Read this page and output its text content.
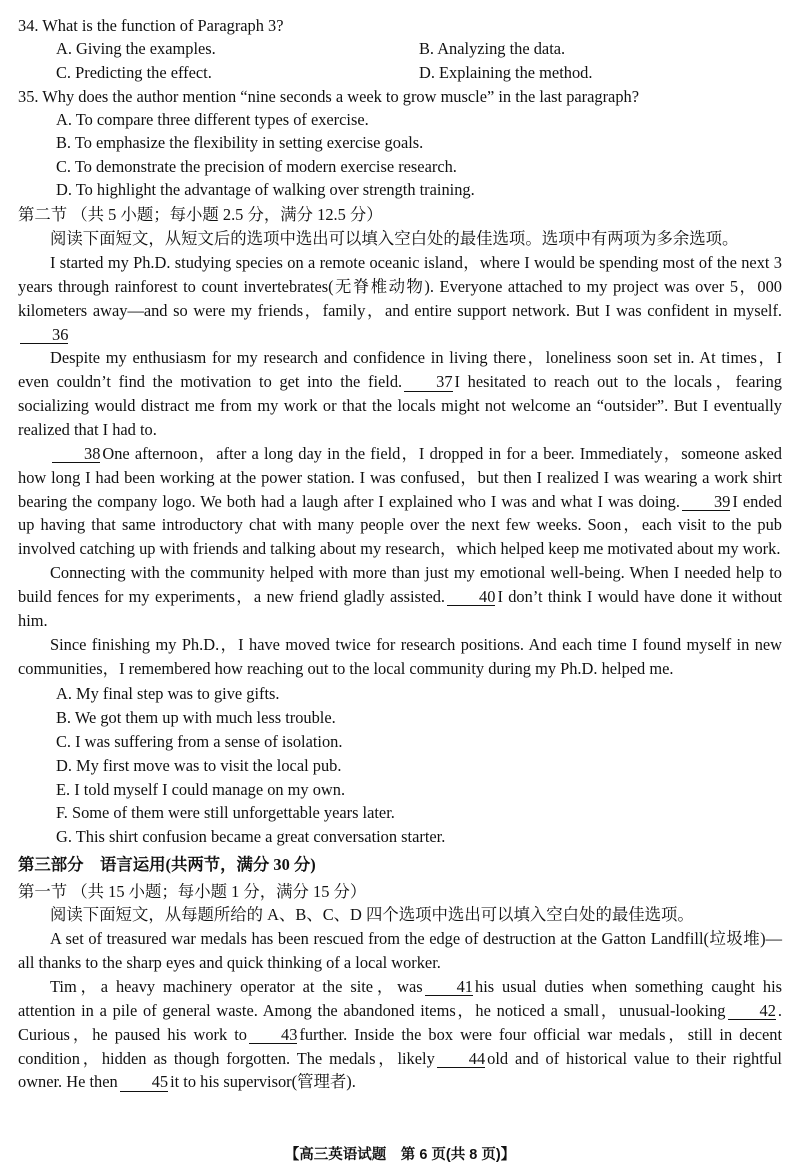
34. What is the function of Paragraph 3?
A. Giving the examples.	B. Analyzing the data.
C. Predicting the effect.	D. Explaining the method.
35. Why does the author mention “nine seconds a week to grow muscle” in the last paragraph?
A. To compare three different types of exercise.
B. To emphasize the flexibility in setting exercise goals.
C. To demonstrate the precision of modern exercise research.
D. To highlight the advantage of walking over strength training.
第二节 （共 5 小题；每小题 2.5 分，满分 12.5 分）
阅读下面短文，从短文后的选项中选出可以填入空白处的最佳选项。选项中有两项为多余选项。

I started my Ph.D. studying species on a remote oceanic island，where I would be spending most of the next 3 years through rainforest to count invertebrates(无脊椎动物). Everyone attached to my project was over 5，000 kilometers away—and so were my friends，family，and entire support network. But I was confident in myself.36

Despite my enthusiasm for my research and confidence in living there，loneliness soon set in. At times，I even couldn’t find the motivation to get into the field. 37 I hesitated to reach out to the locals，fearing socializing would distract me from my work or that the locals might not welcome an “outsider”. But I eventually realized that I had to.

38 One afternoon，after a long day in the field，I dropped in for a beer. Immediately，someone asked how long I had been working at the power station. I was confused，but then I realized I was wearing a work shirt bearing the company logo. We both had a laugh after I explained who I was and what I was doing. 39 I ended up having that same introductory chat with many people over the next few weeks. Soon，each visit to the pub involved catching up with friends and talking about my research，which helped keep me motivated about my work.

Connecting with the community helped with more than just my emotional well-being. When I needed help to build fences for my experiments，a new friend gladly assisted. 40 I don’t think I would have done it without him.

Since finishing my Ph.D.，I have moved twice for research positions. And each time I found myself in new communities，I remembered how reaching out to the local community during my Ph.D. helped me.

A. My final step was to give gifts.
B. We got them up with much less trouble.
C. I was suffering from a sense of isolation.
D. My first move was to visit the local pub.
E. I told myself I could manage on my own.
F. Some of them were still unforgettable years later.
G. This shirt confusion became a great conversation starter.
第三部分　语言运用(共两节，满分 30 分)
第一节 （共 15 小题；每小题 1 分，满分 15 分）
阅读下面短文，从每题所给的 A、B、C、D 四个选项中选出可以填入空白处的最佳选项。

A set of treasured war medals has been rescued from the edge of destruction at the Gatton Landfill(垃圾堆)—all thanks to the sharp eyes and quick thinking of a local worker.

Tim，a heavy machinery operator at the site，was 41 his usual duties when something caught his attention in a pile of general waste. Among the abandoned items，he noticed a small，unusual-looking 42 . Curious，he paused his work to 43 further. Inside the box were four official war medals，still in decent condition，hidden as though forgotten. The medals，likely 44 old and of historical value to their rightful owner. He then 45 it to his supervisor(管理者).

【高三英语试题　第 6 页(共 8 页)】
